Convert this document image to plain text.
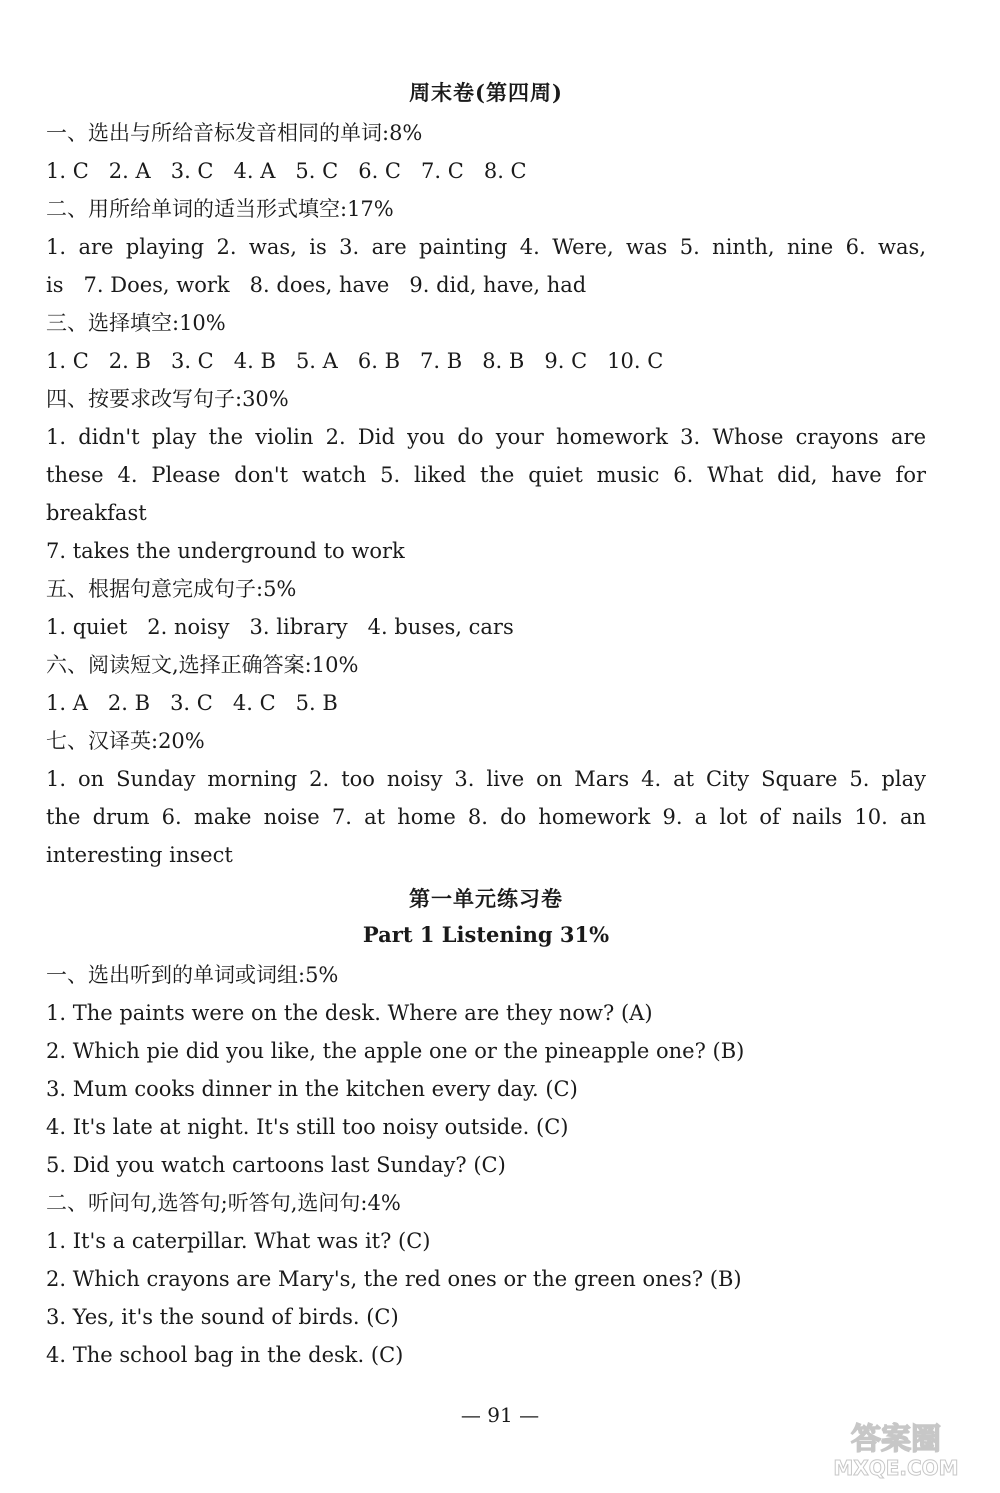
周末卷(第四周)
一、选出与所给音标发音相同的单词:8%
1. C   2. A   3. C   4. A   5. C   6. C   7. C   8. C
二、用所给单词的适当形式填空:17%
1. are playing 2. was, is 3. are painting 4. Were, was 5. ninth, nine 6. was,
is   7. Does, work   8. does, have   9. did, have, had
三、选择填空:10%
1. C   2. B   3. C   4. B   5. A   6. B   7. B   8. B   9. C   10. C
四、按要求改写句子:30%
1. didn't play the violin 2. Did you do your homework 3. Whose crayons are
these 4. Please don't watch 5. liked the quiet music 6. What did, have for
breakfast
7. takes the underground to work
五、根据句意完成句子:5%
1. quiet   2. noisy   3. library   4. buses, cars
六、阅读短文,选择正确答案:10%
1. A   2. B   3. C   4. C   5. B
七、汉译英:20%
1. on Sunday morning 2. too noisy 3. live on Mars 4. at City Square 5. play
the drum 6. make noise 7. at home 8. do homework 9. a lot of nails 10. an
interesting insect
第一单元练习卷
Part 1 Listening 31%
一、选出听到的单词或词组:5%
1. The paints were on the desk. Where are they now? (A)
2. Which pie did you like, the apple one or the pineapple one? (B)
3. Mum cooks dinner in the kitchen every day. (C)
4. It's late at night. It's still too noisy outside. (C)
5. Did you watch cartoons last Sunday? (C)
二、听问句,选答句;听答句,选问句:4%
1. It's a caterpillar. What was it? (C)
2. Which crayons are Mary's, the red ones or the green ones? (B)
3. Yes, it's the sound of birds. (C)
4. The school bag in the desk. (C)
— 91 —
答案圈
MXQE.COM
